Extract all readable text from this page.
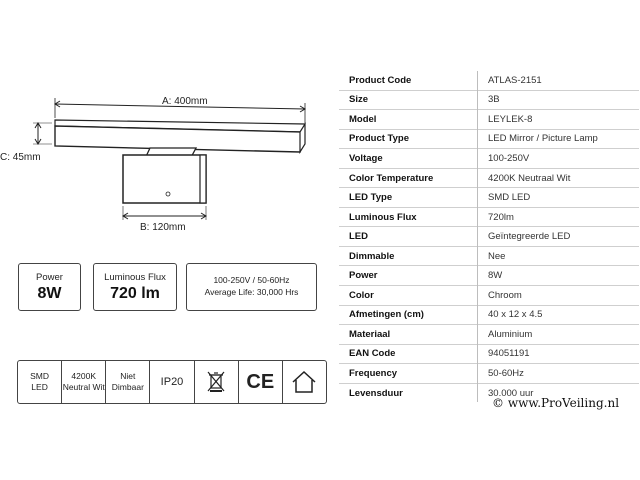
A: 400mm
C: 45mm
B: 120mm
Power
8W
Luminous Flux
720 lm
100-250V / 50-60Hz
Average Life: 30,000 Hrs
SMD
LED
4200K
Neutral Wit
Niet
Dimbaar IP20	CE
Product Code	ATLAS-2151
Size	3B
Model	LEYLEK-8
Product Type	LED Mirror / Picture Lamp
Voltage	100-250V
Color Temperature	4200K Neutraal Wit
LED Type	SMD LED
Luminous Flux	720lm
LED	Geïntegreerde LED
Dimmable	Nee
Power	8W
Color	Chroom
Afmetingen (cm)	40 x 12 x 4.5
Materiaal	Aluminium
EAN Code	94051191
Frequency	50-60Hz
Levensduur	30.000 uur
© www.ProVeiling.nl
